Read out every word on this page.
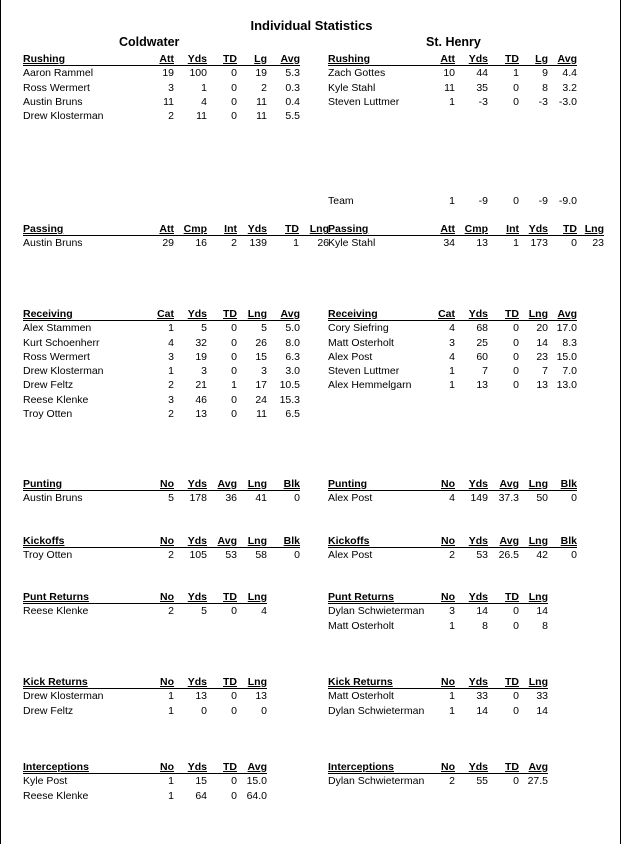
Individual Statistics
Coldwater	St. Henry
Rushing	Att Yds TD Lg Avg
Aaron Rammel	19 100 0 19 5.3
Ross Wermert	3	1 0 2 0.3
Austin Bruns	11	4 0 11 0.4
Drew Klosterman	2 11 0 11 5.5
Passing	Att Cmp Int Yds TD Lng
Austin Bruns	29 16 2 139 1 26
Receiving	Cat Yds TD Lng Avg
Alex Stammen	1	5 0 5 5.0
Kurt Schoenherr	4 32 0 26 8.0
Ross Wermert	3 19 0 15 6.3
Drew Klosterman	1	3 0 3 3.0
Drew Feltz	2 21 1 17 10.5
Reese Klenke	3 46 0 24 15.3
Troy Otten	2 13 0 11 6.5
Punting	No Yds Avg Lng Blk
Austin Bruns	5 178 36 41	0
Kickoffs	No Yds Avg Lng Blk
Troy Otten	2 105 53 58	0
Punt Returns	No Yds TD Lng
Reese Klenke	2	5 0 4
Kick Returns	No Yds TD Lng
Drew Klosterman	1 13 0 13
Drew Feltz	1	0 0 0
Interceptions	No Yds TD Avg
Kyle Post	1 15 0 15.0
Reese Klenke	1 64 0 64.0
Rushing	Att Yds TD Lg Avg
Zach Gottes	10 44 1 9 4.4
Kyle Stahl	11 35 0 8 3.2
Steven Luttmer	1 -3 0 -3 -3.0
Team	1 -9 0 -9 -9.0
Passing	Att Cmp Int Yds TD Lng
Kyle Stahl	34 13 1 173 0 23
Receiving	Cat Yds TD Lng Avg
Cory Siefring	4 68 0 20 17.0
Matt Osterholt	3 25 0 14 8.3
Alex Post	4 60 0 23 15.0
Steven Luttmer	1	7 0 7 7.0
Alex Hemmelgarn	1 13 0 13 13.0
Punting	No Yds Avg Lng Blk
Alex Post	4 149 37.3 50 0
Kickoffs	No Yds Avg Lng Blk
Alex Post	2 53 26.5 42 0
Punt Returns	No Yds TD Lng
Dylan Schwieterman 3 14 0 14
Matt Osterholt	1	8 0 8
Kick Returns	No Yds TD Lng
Matt Osterholt	1 33 0 33
Dylan Schwieterman 1 14 0 14
Interceptions	No Yds TD Avg
Dylan Schwieterman 2 55 0 27.5
